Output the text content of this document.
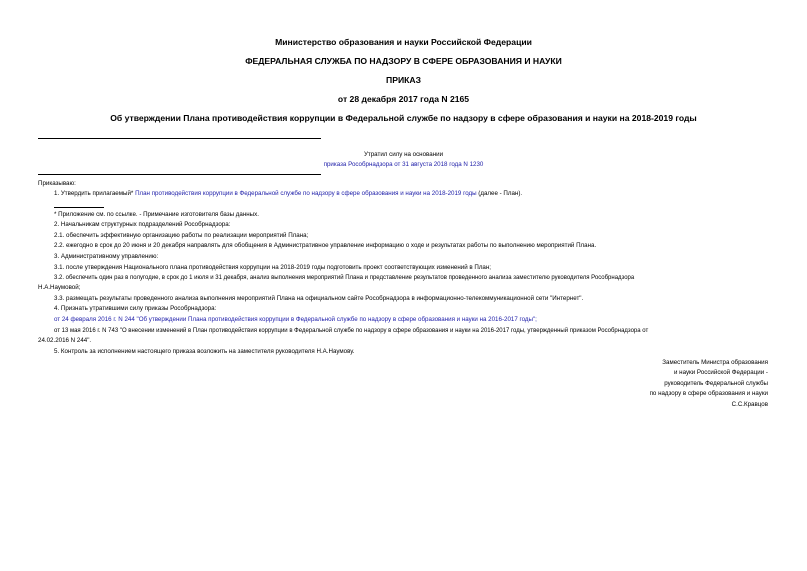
Министерство образования и науки Российской Федерации
ФЕДЕРАЛЬНАЯ СЛУЖБА ПО НАДЗОРУ В СФЕРЕ ОБРАЗОВАНИЯ И НАУКИ
ПРИКАЗ
от 28 декабря 2017 года N 2165
Об утверждении Плана противодействия коррупции в Федеральной службе по надзору в сфере образования и науки на 2018-2019 годы
Утратил силу на основании
приказа Рособрнадзора от 31 августа 2018 года N 1230
Приказываю:
1. Утвердить прилагаемый* План противодействия коррупции в Федеральной службе по надзору в сфере образования и науки на 2018-2019 годы (далее - План).
* Приложение см. по ссылке. - Примечание изготовителя базы данных.
2. Начальникам структурных подразделений Рособрнадзора:
2.1. обеспечить эффективную организацию работы по реализации мероприятий Плана;
2.2. ежегодно в срок до 20 июня и 20 декабря направлять для обобщения в Административное управление информацию о ходе и результатах работы по выполнению мероприятий Плана.
3. Административному управлению:
3.1. после утверждения Национального плана противодействия коррупции на 2018-2019 годы подготовить проект соответствующих изменений в План;
3.2. обеспечить один раз в полугодие, в срок до 1 июля и 31 декабря, анализ выполнения мероприятий Плана и представление результатов проведенного анализа заместителю руководителя Рособрнадзора
Н.А.Наумовой;
3.3. размещать результаты проведенного анализа выполнения мероприятий Плана на официальном сайте Рособрнадзора в информационно-телекоммуникационной сети "Интернет".
4. Признать утратившими силу приказы Рособрнадзора:
от 24 февраля 2016 г. N 244 "Об утверждении Плана противодействия коррупции в Федеральной службе по надзору в сфере образования и науки на 2016-2017 годы";
от 13 мая 2016 г. N 743 "О внесении изменений в План противодействия коррупции в Федеральной службе по надзору в сфере образования и науки на 2016-2017 годы, утвержденный приказом Рособрнадзора от
24.02.2016 N 244".
5. Контроль за исполнением настоящего приказа возложить на заместителя руководителя Н.А.Наумову.
Заместитель Министра образования
и науки Российской Федерации -
руководитель Федеральной службы
по надзору в сфере образования и науки
С.С.Кравцов
